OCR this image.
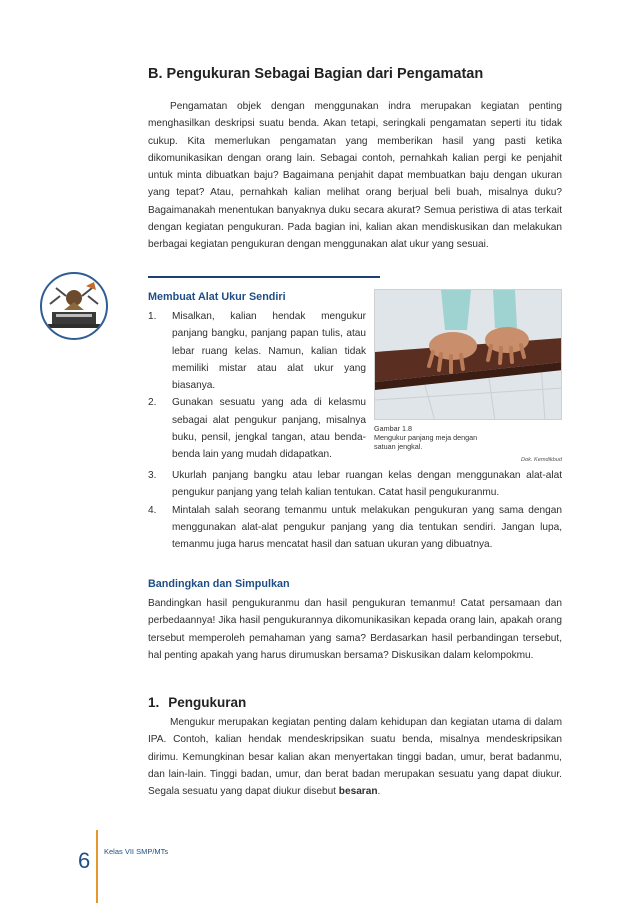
B. Pengukuran Sebagai Bagian dari Pengamatan
Pengamatan objek dengan menggunakan indra merupakan kegiatan penting menghasilkan deskripsi suatu benda. Akan tetapi, seringkali pengamatan seperti itu tidak cukup. Kita memerlukan pengamatan yang memberikan hasil yang pasti ketika dikomunikasikan dengan orang lain. Sebagai contoh, pernahkah kalian pergi ke penjahit untuk minta dibuatkan baju? Bagaimana penjahit dapat membuatkan baju dengan ukuran yang tepat? Atau, pernahkah kalian melihat orang berjual beli buah, misalnya duku? Bagaimanakah menentukan banyaknya duku secara akurat? Semua peristiwa di atas terkait dengan kegiatan pengukuran. Pada bagian ini, kalian akan mendiskusikan dan melakukan berbagai kegiatan pengukuran dengan menggunakan alat ukur yang sesuai.
Membuat Alat Ukur Sendiri
1. Misalkan, kalian hendak mengukur panjang bangku, panjang papan tulis, atau lebar ruang kelas. Namun, kalian tidak memiliki mistar atau alat ukur yang biasanya.
2. Gunakan sesuatu yang ada di kelasmu sebagai alat pengukur panjang, misalnya buku, pensil, jengkal tangan, atau benda-benda lain yang mudah didapatkan.
Gambar 1.8
Mengukur panjang meja dengan satuan jengkal.
Dok. Kemdikbud
3. Ukurlah panjang bangku atau lebar ruangan kelas dengan menggunakan alat-alat pengukur panjang yang telah kalian tentukan. Catat hasil pengukuranmu.
4. Mintalah salah seorang temanmu untuk melakukan pengukuran yang sama dengan menggunakan alat-alat pengukur panjang yang dia tentukan sendiri. Jangan lupa, temanmu juga harus mencatat hasil dan satuan ukuran yang dibuatnya.
Bandingkan dan Simpulkan
Bandingkan hasil pengukuranmu dan hasil pengukuran temanmu! Catat persamaan dan perbedaannya! Jika hasil pengukurannya dikomunikasikan kepada orang lain, apakah orang tersebut memperoleh pemahaman yang sama? Berdasarkan hasil perbandingan tersebut, hal penting apakah yang harus dirumuskan bersama? Diskusikan dalam kelompokmu.
1. Pengukuran
Mengukur merupakan kegiatan penting dalam kehidupan dan kegiatan utama di dalam IPA. Contoh, kalian hendak mendeskripsikan suatu benda, misalnya mendeskripsikan dirimu. Kemungkinan besar kalian akan menyertakan tinggi badan, umur, berat badanmu, dan lain-lain. Tinggi badan, umur, dan berat badan merupakan sesuatu yang dapat diukur. Segala sesuatu yang dapat diukur disebut besaran.
6 Kelas VII SMP/MTs
